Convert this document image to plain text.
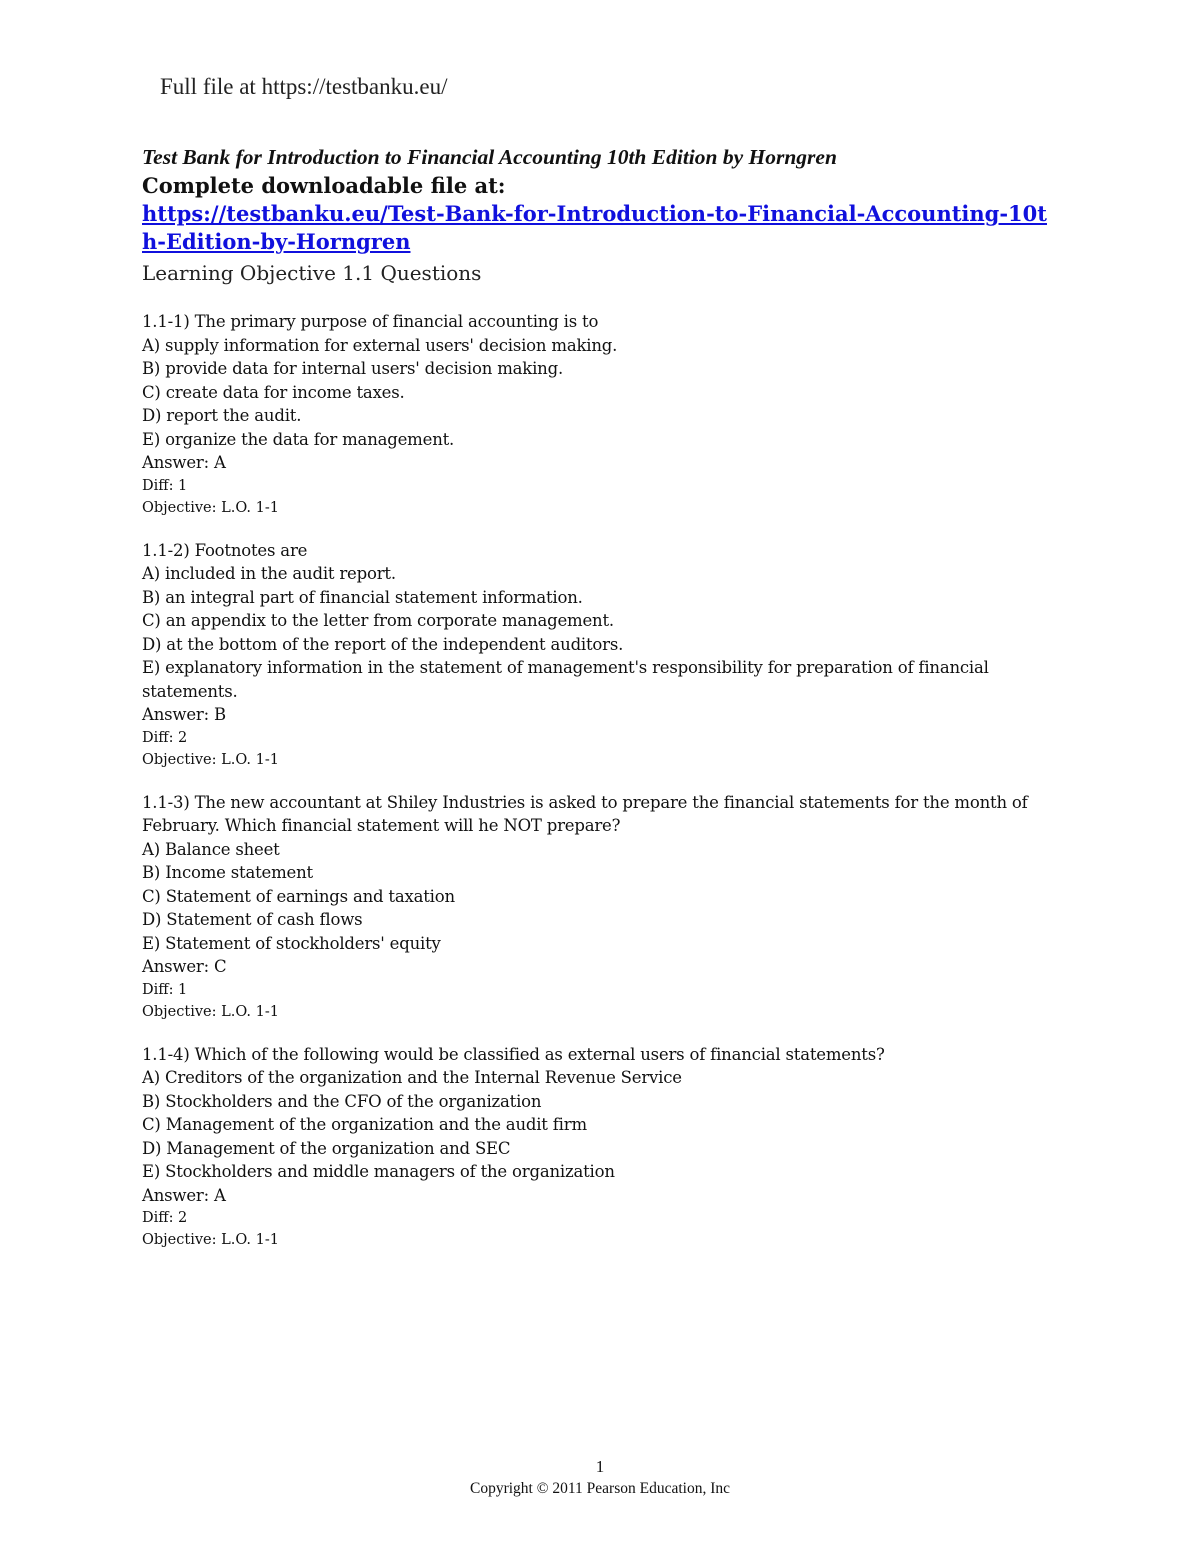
Full file at https://testbanku.eu/
Test Bank for Introduction to Financial Accounting 10th Edition by Horngren
Complete downloadable file at:
https://testbanku.eu/Test-Bank-for-Introduction-to-Financial-Accounting-10th-Edition-by-Horngren
Learning Objective 1.1 Questions
1.1-1) The primary purpose of financial accounting is to
A) supply information for external users' decision making.
B) provide data for internal users' decision making.
C) create data for income taxes.
D) report the audit.
E) organize the data for management.
Answer: A
Diff: 1
Objective: L.O. 1-1
1.1-2) Footnotes are
A) included in the audit report.
B) an integral part of financial statement information.
C) an appendix to the letter from corporate management.
D) at the bottom of the report of the independent auditors.
E) explanatory information in the statement of management's responsibility for preparation of financial statements.
Answer: B
Diff: 2
Objective: L.O. 1-1
1.1-3) The new accountant at Shiley Industries is asked to prepare the financial statements for the month of February. Which financial statement will he NOT prepare?
A) Balance sheet
B) Income statement
C) Statement of earnings and taxation
D) Statement of cash flows
E) Statement of stockholders' equity
Answer: C
Diff: 1
Objective: L.O. 1-1
1.1-4) Which of the following would be classified as external users of financial statements?
A) Creditors of the organization and the Internal Revenue Service
B) Stockholders and the CFO of the organization
C) Management of the organization and the audit firm
D) Management of the organization and SEC
E) Stockholders and middle managers of the organization
Answer: A
Diff: 2
Objective: L.O. 1-1
1
Copyright © 2011 Pearson Education, Inc
